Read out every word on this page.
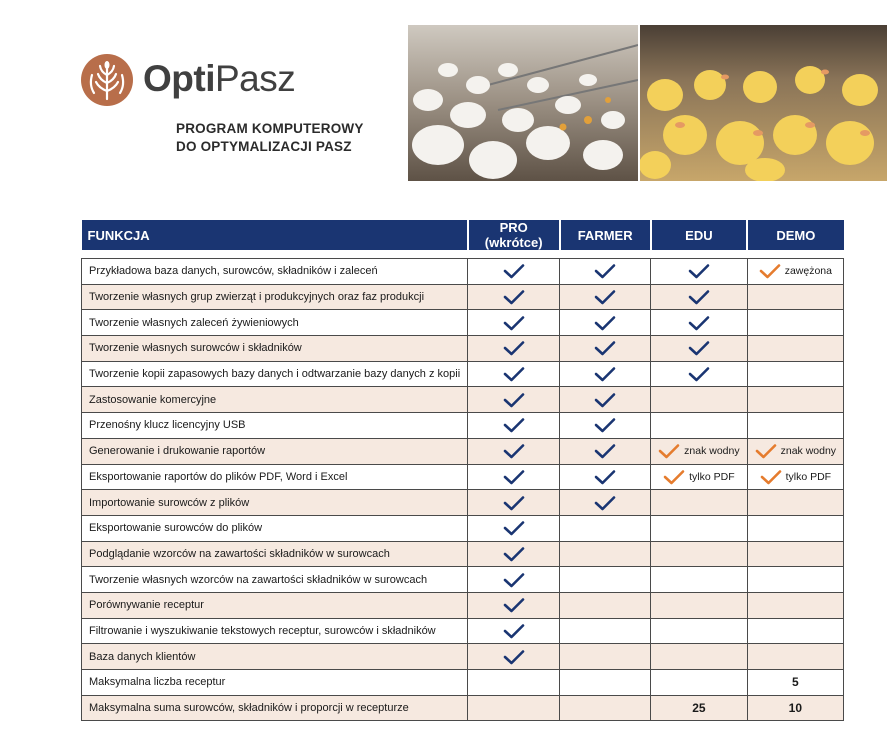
OptiPasz
PROGRAM KOMPUTEROWY
DO OPTYMALIZACJI PASZ
FUNKCJA	PRO (wkrótce)	FARMER	EDU	DEMO

Przykładowa baza danych, surowców, składników i zaleceń				zawężona
Tworzenie własnych grup zwierząt i produkcyjnych oraz faz produkcji	

Tworzenie własnych zaleceń żywieniowych	

Tworzenie własnych surowców i składników	

Tworzenie kopii zapasowych bazy danych i odtwarzanie bazy danych z kopii	

Zastosowanie komercyjne	

Przenośny klucz licencyjny USB	

Generowanie i drukowanie raportów			znak wodny	znak wodny
Eksportowanie raportów do plików PDF, Word i Excel			tylko PDF	tylko PDF
Importowanie surowców z plików	

Eksportowanie surowców do plików	

Podglądanie wzorców na zawartości składników w surowcach	

Tworzenie własnych wzorców na zawartości składników w surowcach	

Porównywanie receptur	

Filtrowanie i wyszukiwanie tekstowych receptur, surowców i składników	

Baza danych klientów	

Maksymalna liczba receptur				5
Maksymalna suma surowców, składników i proporcji w recepturze			25	10
